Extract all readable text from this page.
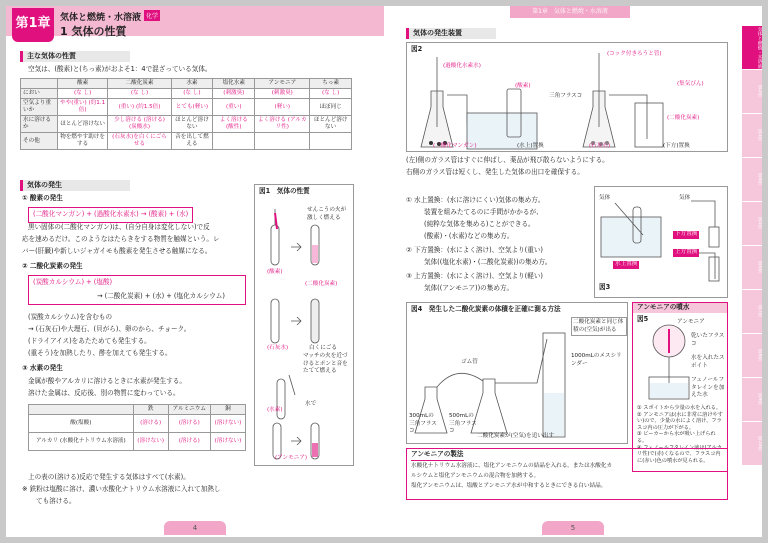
第1章	気体と燃焼・水溶液 化学
1 気体の性質
主な気体の性質
空気は、(酸素)と(ちっ素)がおよそ1：4で混ざっている気体。
	酸素	二酸化炭素	水素	塩化水素	アンモニア	ちっ素
におい	(な し)	(な し)	(な し)	(刺激臭)	(刺激臭)	(な し)
空気より重いか	やや(重い) (約1.1倍)	(重い) (約1.5倍)	とても(軽い)	(重い)	(軽い)	ほぼ同じ
水に溶けるか	ほとんど溶けない	少し溶ける (溶ける)(炭酸水)	ほとんど溶けない	よく溶ける (酸性)	よく溶ける (アルカリ性)	ほとんど溶けない
その他	物を燃やす助けをする	(石灰水)を白くにごらせる	音を出して燃える			
気体の発生
① 酸素の発生
(二酸化マンガン) + (過酸化水素水) → (酸素) + (水)
黒い固体の(二酸化マンガン)は、(自分自身は変化しない)で反
応を速めるだけ。このようなはたらきをする物質を触媒という。レ
バー(肝臓)や新しいジャガイモも酸素を発生させる触媒になる。
② 二酸化炭素の発生
(炭酸カルシウム) + (塩酸)
→ (二酸化炭素) + (水) + (塩化カルシウム)
(炭酸カルシウム)を含むもの
→ (石灰石)や大理石、(貝がら)、卵のから、チョーク。
(ドライアイス)をあたためても発生する。
(重そう)を加熱したり、酢を加えても発生する。
③ 水素の発生
金属が酸やアルカリに溶けるときに水素が発生する。
溶けた金属は、反応後、別の物質に変わっている。
	鉄	アルミニウム	銅
酸(塩酸)	(溶ける)	(溶ける)	(溶けない)
アルカリ (水酸化ナトリウム水溶液)	(溶けない)	(溶ける)	(溶けない)
上の表の(溶ける)反応で発生する気体はすべて(水素)。
※ 鉄粉は塩酸に溶け、濃い水酸化ナトリウム水溶液に入れて加熱し
ても溶ける。
図1　気体の性質
せんこうの火が激しく燃える
(酸素)
(二酸化炭素)
(石灰水)	白くにごる
マッチの火を近づけるとポンと音をたてて燃える
(水素)
水で
(アンモニア)
4
第1章　気体と燃焼・水溶液
気体と燃焼・水溶液
第2章
第3章
第4章
第5章
第6章
第7章
第8章
第9章
第10章
気体の発生装置
図2
(過酸化水素水)
(酸素)
(二酸化マンガン)	(水上)置換
(コック付きろうと管)
(集気びん)
三角フラスコ
(二酸化炭素)
(石灰石)	(下方)置換
(左)側のガラス管はすぐに伸ばし、薬品が飛び散らないようにする。
右側のガラス管は短くし、発生した気体の出口を確保する。
① 水上置換：(水に溶けにくい)気体の集め方。
装置を組みたてるのに手間がかかるが、
(純粋な気体を集める)ことができる。
(酸素)・(水素)などの集め方。
② 下方置換：(水によく溶け)、空気より(重い)
気体((塩化水素)・(二酸化炭素))の集め方。
③ 上方置換：(水によく溶け)、空気より(軽い)
気体((アンモニア))の集め方。
気体	気体
水上置換
下方置換
上方置換
図3
図4　発生した二酸化炭素の体積を正確に測る方法
ゴム管
二酸化炭素と同じ体積の(空気)が出る
1000mLのメスシリンダー
300mLの三角フラスコ
500mLの三角フラスコ
二酸化炭素が(空気)を追い出す
アンモニアの噴水
図5	アンモニア
乾いたフラスコ
水を入れたスポイト
フェノールフタレインを加えた水
① スポイトから少量の水を入れる。
② アンモニアは(水に非常に溶けやすい)ので、少量の水によく溶け、フラスコ内の圧力が下がる。
③ ビーカーから水が吸い上げられる。
④ フェノールフタレイン液は(アルカリ性)で(赤)くなるので、フラスコ内に(赤い)色の噴水が見られる。
アンモニアの製法
水酸化ナトリウム水溶液に、塩化アンモニウムの結晶を入れる。または水酸化カ
ルシウムと塩化アンモニウムの混合物を加熱する。
塩化アンモニウムは、塩酸とアンモニア水が中和するときにできる白い結晶。
5
